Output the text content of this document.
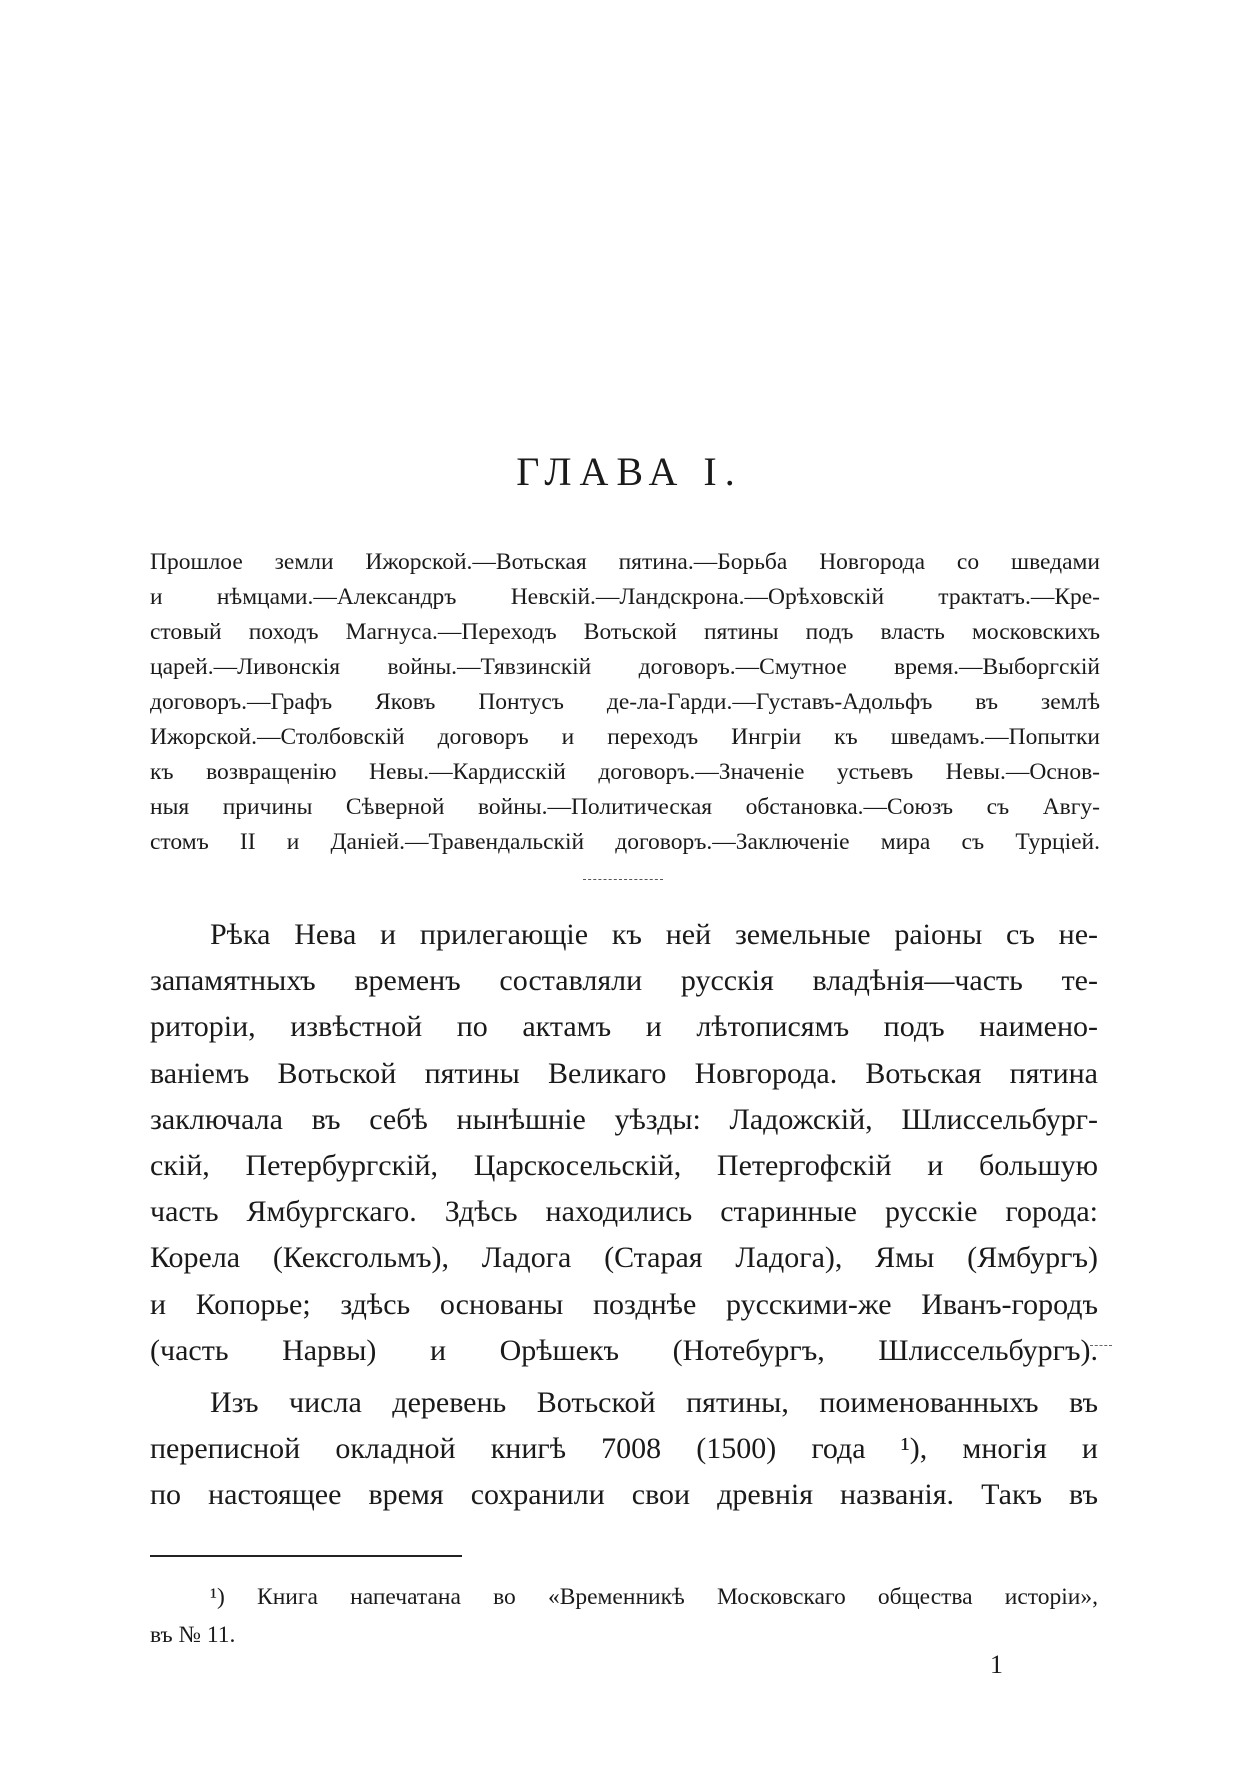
ГЛАВА I.
Прошлое земли Ижорской.—Вотьская пятина.—Борьба Новгорода со шведами
и нѣмцами.—Александръ Невскій.—Ландскрона.—Орѣховскій трактатъ.—Кре-
стовый походъ Магнуса.—Переходъ Вотьской пятины подъ власть московскихъ
царей.—Ливонскія войны.—Тявзинскій договоръ.—Смутное время.—Выборгскій
договоръ.—Графъ Яковъ Понтусъ де-ла-Гарди.—Густавъ-Адольфъ въ землѣ
Ижорской.—Столбовскій договоръ и переходъ Ингріи къ шведамъ.—Попытки
къ возвращенію Невы.—Кардисскій договоръ.—Значеніе устьевъ Невы.—Основ-
ныя причины Сѣверной войны.—Политическая обстановка.—Союзъ съ Авгу-
стомъ II и Даніей.—Травендальскій договоръ.—Заключеніе мира съ Турціей.
Рѣка Нева и прилегающіе къ ней земельные раіоны съ не-
запамятныхъ временъ составляли русскія владѣнія—часть те-
риторіи, извѣстной по актамъ и лѣтописямъ подъ наимено-
ваніемъ Вотьской пятины Великаго Новгорода. Вотьская пятина
заключала въ себѣ нынѣшніе уѣзды: Ладожскій, Шлиссельбург-
скій, Петербургскій, Царскосельскій, Петергофскій и большую
часть Ямбургскаго. Здѣсь находились старинные русскіе города:
Корела (Кексгольмъ), Ладога (Старая Ладога), Ямы (Ямбургъ)
и Копорье; здѣсь основаны позднѣе русскими-же Иванъ-городъ
(часть Нарвы) и Орѣшекъ (Нотебургъ, Шлиссельбургъ).
Изъ числа деревень Вотьской пятины, поименованныхъ въ
переписной окладной книгѣ 7008 (1500) года ¹), многія и
по настоящее время сохранили свои древнія названія. Такъ въ
¹) Книга напечатана во «Временникѣ Московскаго общества исторіи»,
въ № 11.
1
